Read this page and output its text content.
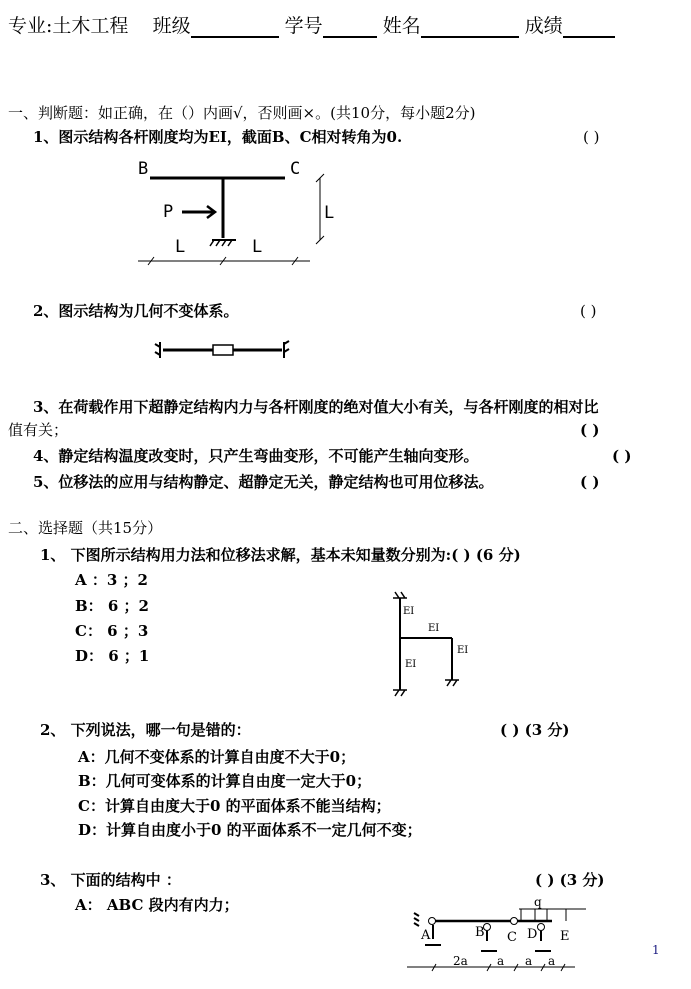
专业:土木工程 班级	学号	姓名	成绩
一、判断题：如正确，在（）内画√，否则画×。(共10分，每小题2分)
1、图示结构各杆刚度均为EI，截面B、C相对转角为0.	( )
B	C
P
L	L
L
2、图示结构为几何不变体系。	( )
3、在荷载作用下超静定结构内力与各杆刚度的绝对值大小有关，与各杆刚度的相对比
值有关；	( )
4、静定结构温度改变时，只产生弯曲变形，不可能产生轴向变形。	( )
5、位移法的应用与结构静定、超静定无关，静定结构也可用位移法。	( )
二、选择题（共15分）
1、 下图所示结构用力法和位移法求解，基本未知量数分别为:( ) (6 分)
A ：3 ；2
B： 6 ；2
C： 6 ；3
D： 6 ；1
EI
EI
EI
EI
2、 下列说法，哪一句是错的：	( ) (3 分)
A：几何不变体系的计算自由度不大于0；
B：几何可变体系的计算自由度一定大于0；
C：计算自由度大于0 的平面体系不能当结构；
D：计算自由度小于0 的平面体系不一定几何不变；
3、 下面的结构中 ：	( ) (3 分)
A： ABC 段内有内力；	q
A	B C D E
2a a a a
1
